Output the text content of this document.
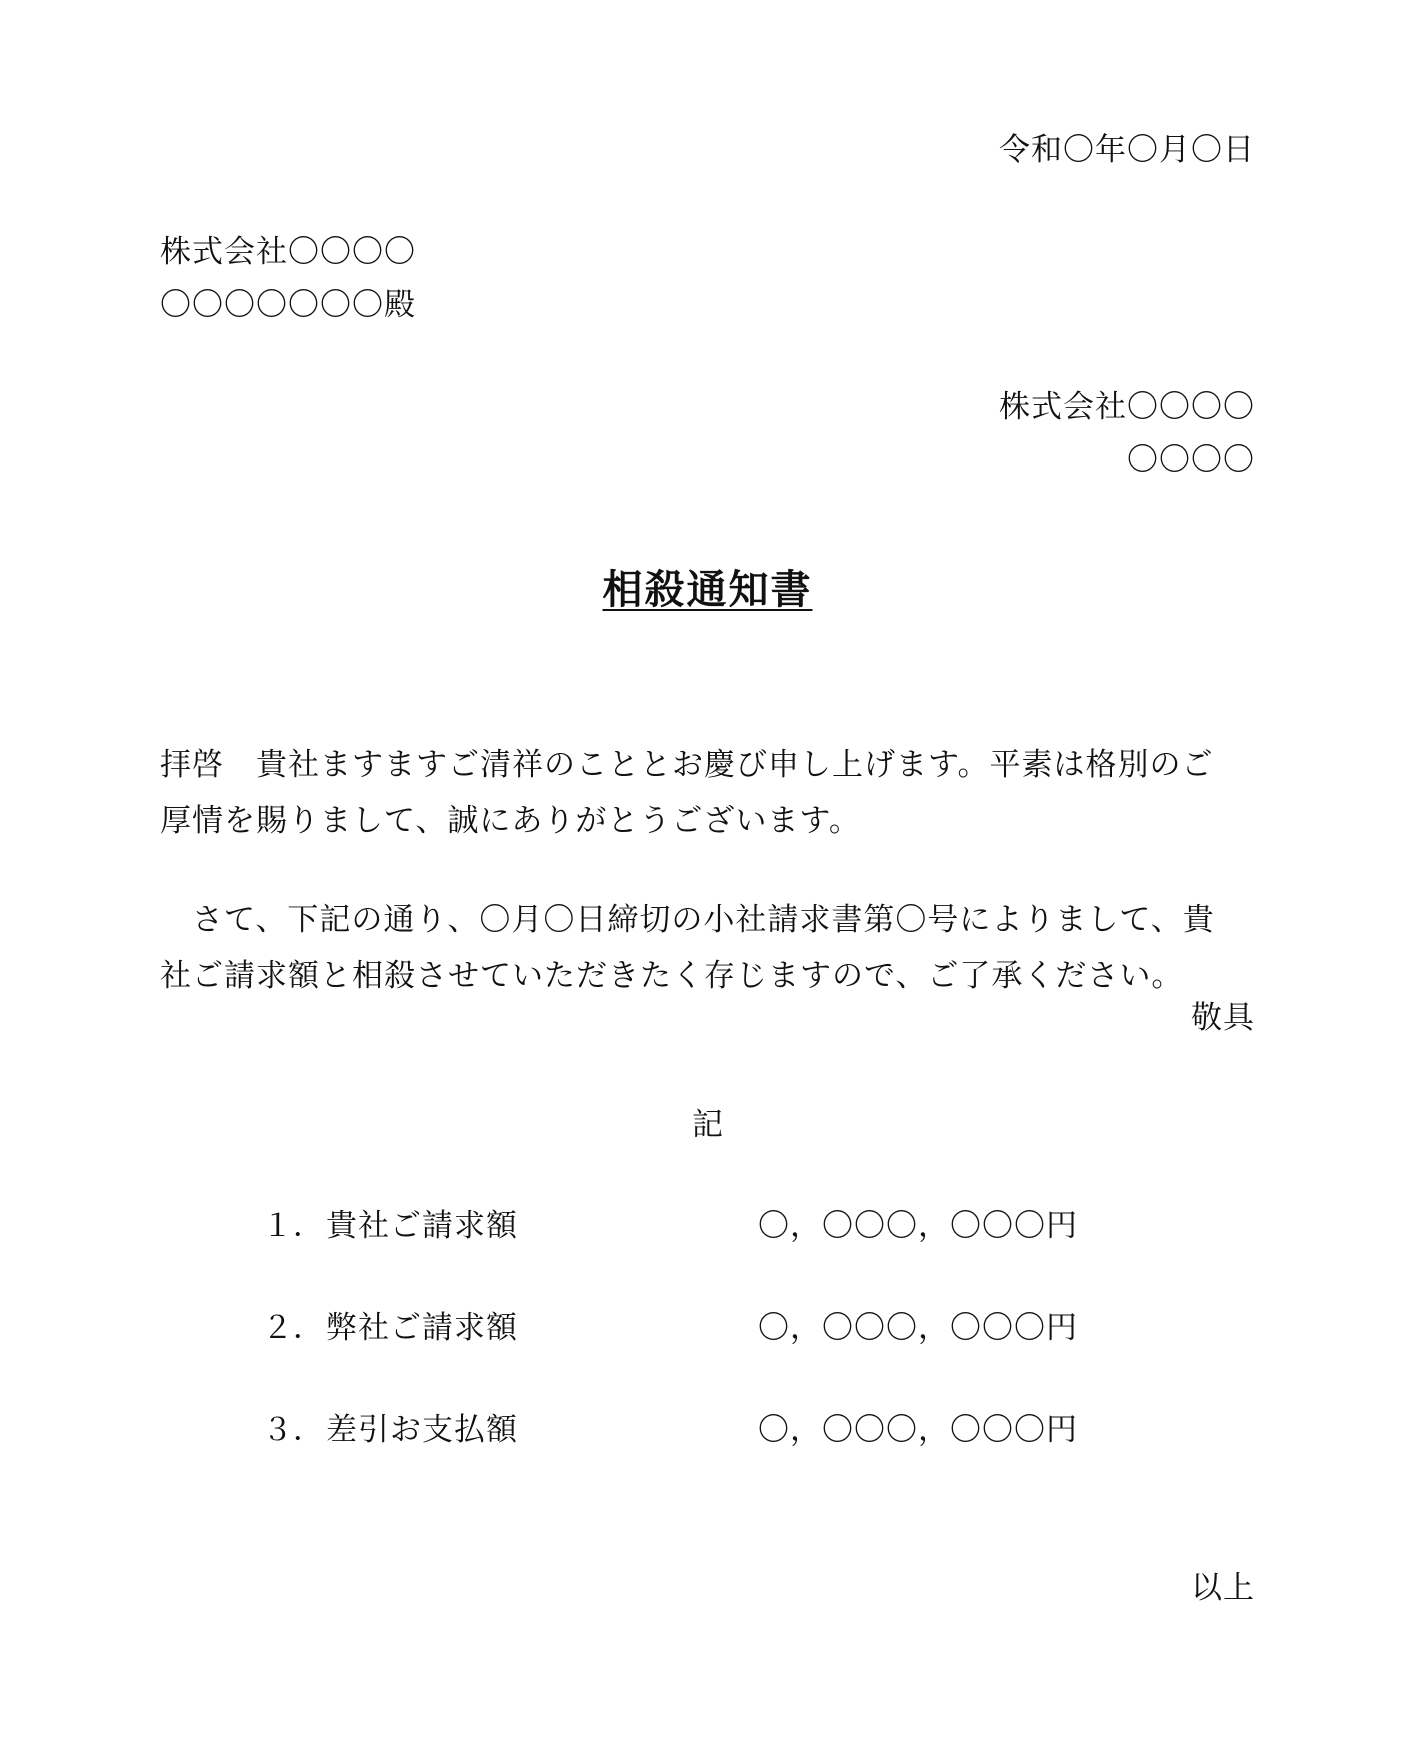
令和〇年〇月〇日
株式会社〇〇〇〇
〇〇〇〇〇〇〇殿
株式会社〇〇〇〇
〇〇〇〇
相殺通知書
拝啓　貴社ますますご清祥のこととお慶び申し上げます。平素は格別のご
厚情を賜りまして、誠にありがとうございます。
　さて、下記の通り、〇月〇日締切の小社請求書第〇号によりまして、貴
社ご請求額と相殺させていただきたく存じますので、ご了承ください。
敬具
記
１． 貴社ご請求額	〇，〇〇〇，〇〇〇円
２． 弊社ご請求額	〇，〇〇〇，〇〇〇円
３． 差引お支払額	〇，〇〇〇，〇〇〇円
以上
